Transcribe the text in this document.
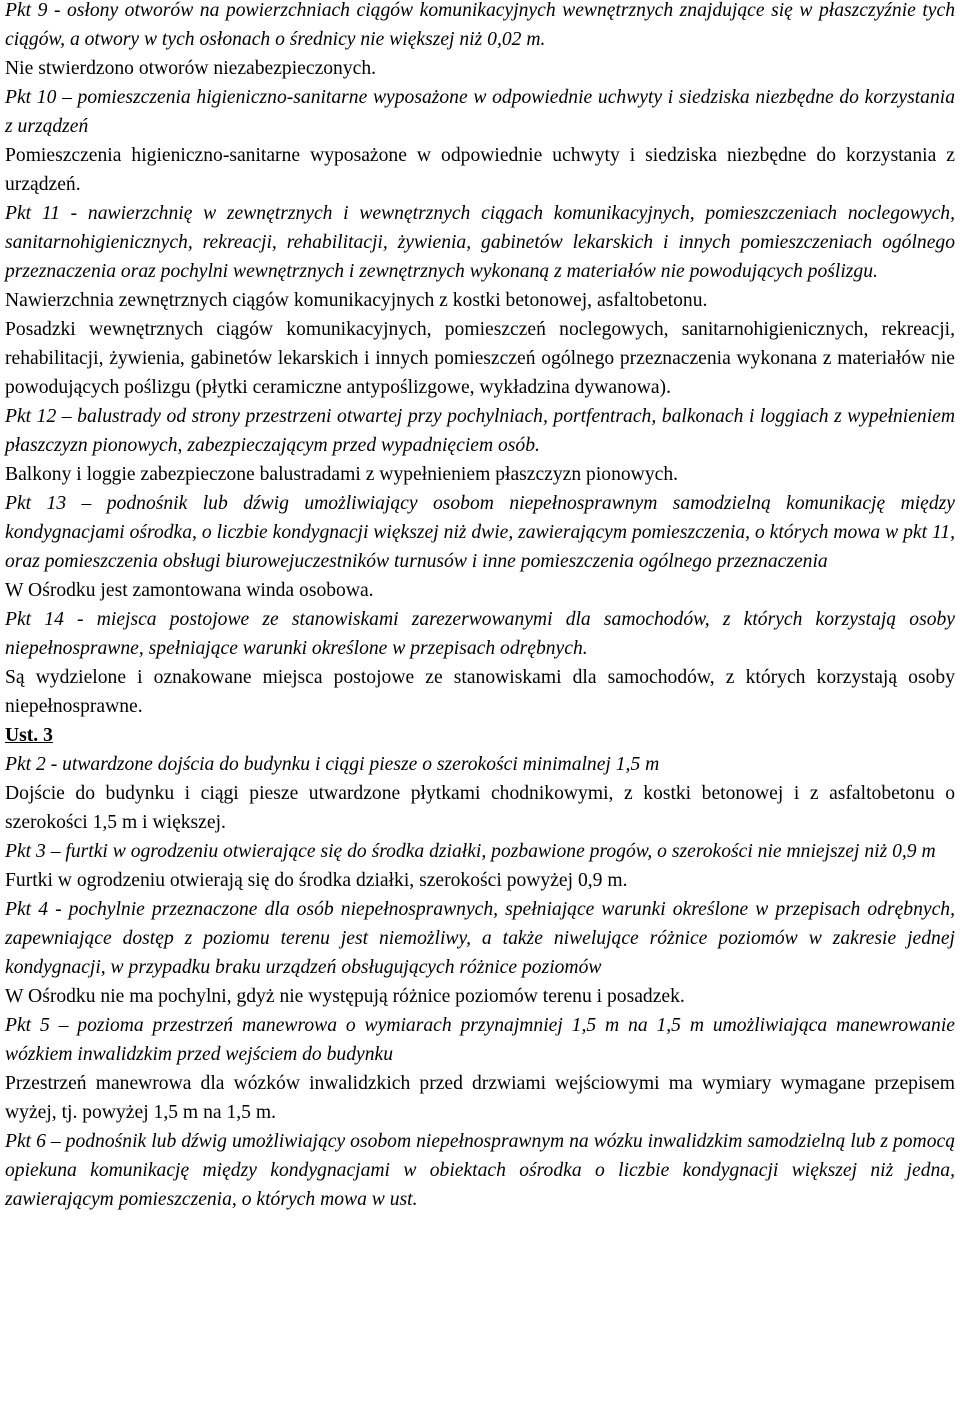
Pkt 9 - osłony otworów na powierzchniach ciągów komunikacyjnych wewnętrznych znajdujące się w płaszczyźnie tych ciągów, a otwory w tych osłonach o średnicy nie większej niż 0,02 m.

Nie stwierdzono otworów niezabezpieczonych.

Pkt 10 – pomieszczenia higieniczno-sanitarne wyposażone w odpowiednie uchwyty i siedziska niezbędne do korzystania z urządzeń

Pomieszczenia higieniczno-sanitarne wyposażone w odpowiednie uchwyty i siedziska niezbędne do korzystania z urządzeń.

Pkt 11 - nawierzchnię w zewnętrznych i wewnętrznych ciągach komunikacyjnych, pomieszczeniach noclegowych, sanitarnohigienicznych, rekreacji, rehabilitacji, żywienia, gabinetów lekarskich i innych pomieszczeniach ogólnego przeznaczenia oraz pochylni wewnętrznych i zewnętrznych wykonaną z materiałów nie powodujących poślizgu.

Nawierzchnia zewnętrznych ciągów komunikacyjnych z kostki betonowej, asfaltobetonu.

Posadzki wewnętrznych ciągów komunikacyjnych, pomieszczeń noclegowych, sanitarnohigienicznych, rekreacji, rehabilitacji, żywienia, gabinetów lekarskich i innych pomieszczeń ogólnego przeznaczenia wykonana z materiałów nie powodujących poślizgu (płytki ceramiczne antypoślizgowe, wykładzina dywanowa).

Pkt 12 – balustrady od strony przestrzeni otwartej przy pochylniach, portfentrach, balkonach i loggiach z wypełnieniem płaszczyzn pionowych, zabezpieczającym przed wypadnięciem osób.

Balkony i loggie zabezpieczone balustradami z wypełnieniem płaszczyzn pionowych.

Pkt 13 – podnośnik lub dźwig umożliwiający osobom niepełnosprawnym samodzielną komunikację między kondygnacjami ośrodka, o liczbie kondygnacji większej niż dwie, zawierającym pomieszczenia, o których mowa w pkt 11, oraz pomieszczenia obsługi biurowejuczestników turnusów i inne pomieszczenia ogólnego przeznaczenia

W Ośrodku jest zamontowana winda osobowa.

Pkt 14 - miejsca postojowe ze stanowiskami zarezerwowanymi dla samochodów, z których korzystają osoby niepełnosprawne, spełniające warunki określone w przepisach odrębnych.

Są wydzielone i oznakowane miejsca postojowe ze stanowiskami dla samochodów, z których korzystają osoby niepełnosprawne.

Ust. 3

Pkt 2 - utwardzone dojścia do budynku i ciągi piesze o szerokości minimalnej 1,5 m

Dojście do budynku i ciągi piesze utwardzone płytkami chodnikowymi, z kostki betonowej i z asfaltobetonu o szerokości 1,5 m i większej.

Pkt 3 – furtki w ogrodzeniu otwierające się do środka działki, pozbawione progów, o szerokości nie mniejszej niż 0,9 m

Furtki w ogrodzeniu otwierają się do środka działki, szerokości powyżej 0,9 m.

Pkt 4 - pochylnie przeznaczone dla osób niepełnosprawnych, spełniające warunki określone w przepisach odrębnych, zapewniające dostęp z poziomu terenu jest niemożliwy, a także niwelujące różnice poziomów w zakresie jednej kondygnacji, w przypadku braku urządzeń obsługujących różnice poziomów

W Ośrodku nie ma pochylni, gdyż nie występują różnice poziomów terenu i posadzek.

Pkt 5 – pozioma przestrzeń manewrowa o wymiarach przynajmniej 1,5 m na 1,5 m umożliwiająca manewrowanie wózkiem inwalidzkim przed wejściem do budynku

Przestrzeń manewrowa dla wózków inwalidzkich przed drzwiami wejściowymi ma wymiary wymagane przepisem wyżej, tj. powyżej 1,5 m na 1,5 m.

Pkt 6 – podnośnik lub dźwig umożliwiający osobom niepełnosprawnym na wózku inwalidzkim samodzielną lub z pomocą opiekuna komunikację między kondygnacjami w obiektach ośrodka o liczbie kondygnacji większej niż jedna, zawierającym pomieszczenia, o których mowa w ust.
